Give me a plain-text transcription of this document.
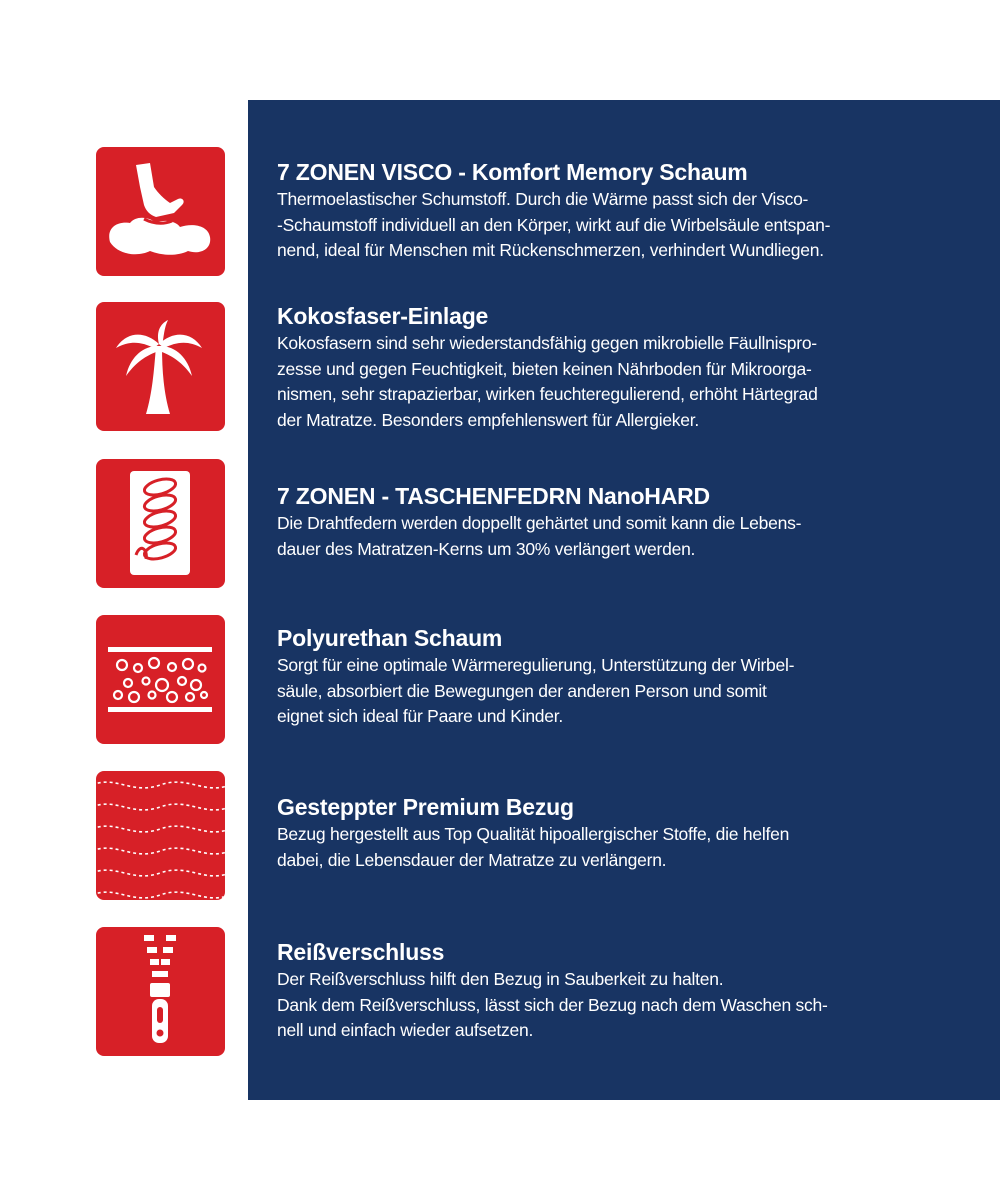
7 ZONEN VISCO - Komfort Memory Schaum
Thermoelastischer Schumstoff. Durch die Wärme passt sich der Visco-
-Schaumstoff individuell an den Körper, wirkt auf die Wirbelsäule entspan-
nend, ideal für Menschen mit Rückenschmerzen, verhindert Wundliegen.
Kokosfaser-Einlage
Kokosfasern sind sehr wiederstandsfähig gegen mikrobielle Fäullnispro-
zesse und gegen Feuchtigkeit, bieten keinen Nährboden für Mikroorga-
nismen, sehr strapazierbar, wirken feuchteregulierend, erhöht Härtegrad
der Matratze. Besonders empfehlenswert für Allergieker.
7 ZONEN - TASCHENFEDRN NanoHARD
Die Drahtfedern werden doppellt gehärtet und somit kann die Lebens-
dauer des Matratzen-Kerns um 30% verlängert werden.
Polyurethan Schaum
Sorgt für eine optimale Wärmeregulierung, Unterstützung der Wirbel-
säule, absorbiert die Bewegungen der anderen Person und somit
eignet sich ideal für Paare und Kinder.
Gesteppter Premium Bezug
Bezug hergestellt aus Top Qualität hipoallergischer Stoffe, die helfen
dabei, die Lebensdauer der Matratze zu verlängern.
Reißverschluss
Der Reißverschluss hilft den Bezug in Sauberkeit zu halten.
Dank dem Reißverschluss, lässt sich der Bezug nach dem Waschen sch-
nell und einfach wieder aufsetzen.
